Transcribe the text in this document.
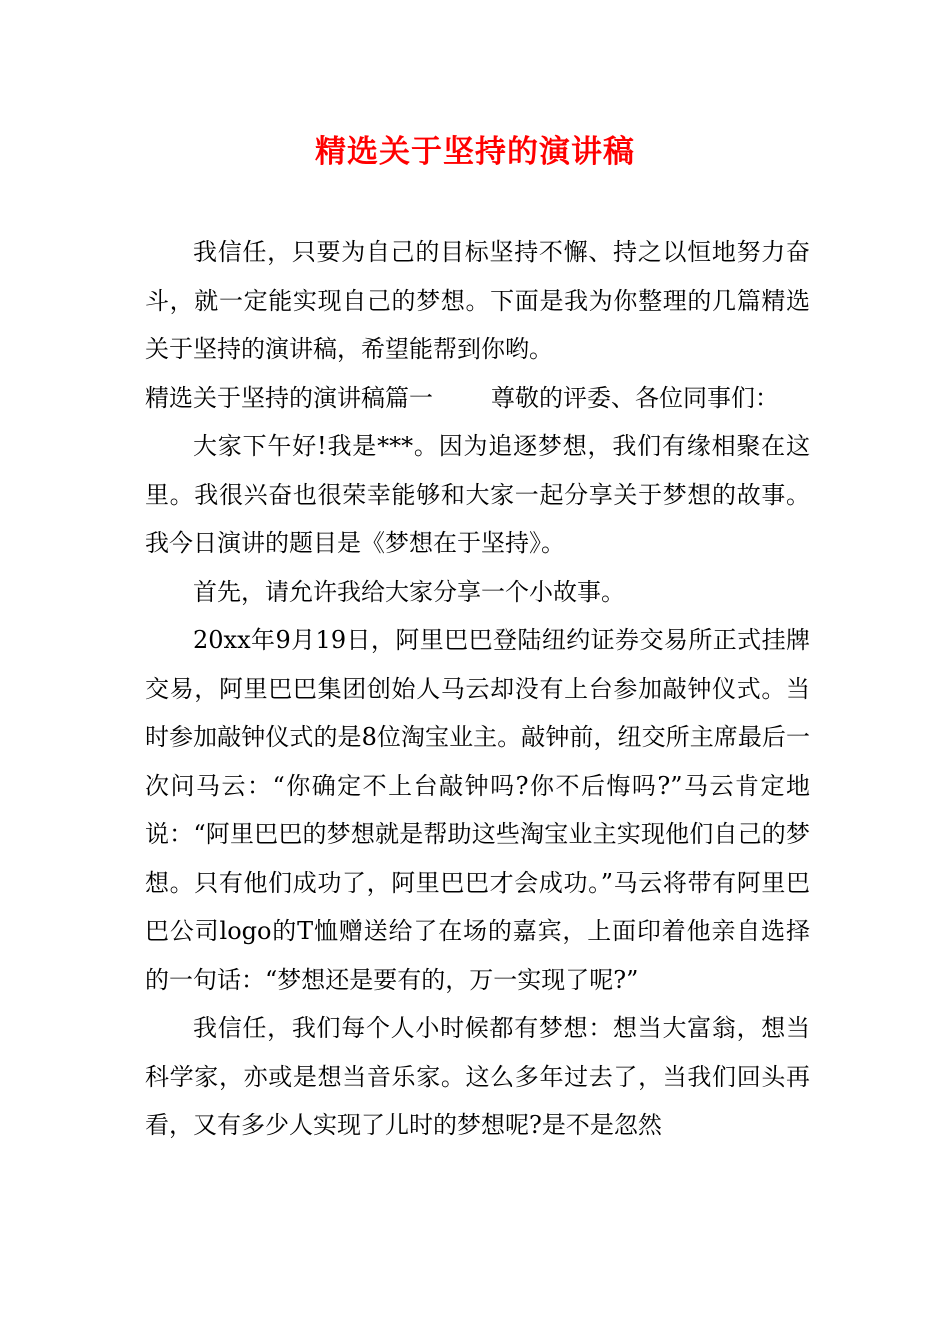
精选关于坚持的演讲稿

我信任，只要为自己的目标坚持不懈、持之以恒地努力奋斗，就一定能实现自己的梦想。下面是我为你整理的几篇精选关于坚持的演讲稿，希望能帮到你哟。

精选关于坚持的演讲稿篇一 尊敬的评委、各位同事们：

大家下午好!我是***。因为追逐梦想，我们有缘相聚在这里。我很兴奋也很荣幸能够和大家一起分享关于梦想的故事。我今日演讲的题目是《梦想在于坚持》。

首先，请允许我给大家分享一个小故事。

20xx年9月19日，阿里巴巴登陆纽约证券交易所正式挂牌交易，阿里巴巴集团创始人马云却没有上台参加敲钟仪式。当时参加敲钟仪式的是8位淘宝业主。敲钟前，纽交所主席最后一次问马云：“你确定不上台敲钟吗?你不后悔吗?”马云肯定地说：“阿里巴巴的梦想就是帮助这些淘宝业主实现他们自己的梦想。只有他们成功了，阿里巴巴才会成功。”马云将带有阿里巴巴公司logo的T恤赠送给了在场的嘉宾，上面印着他亲自选择的一句话：“梦想还是要有的，万一实现了呢?”

我信任，我们每个人小时候都有梦想：想当大富翁，想当科学家，亦或是想当音乐家。这么多年过去了，当我们回头再看，又有多少人实现了儿时的梦想呢?是不是忽然
